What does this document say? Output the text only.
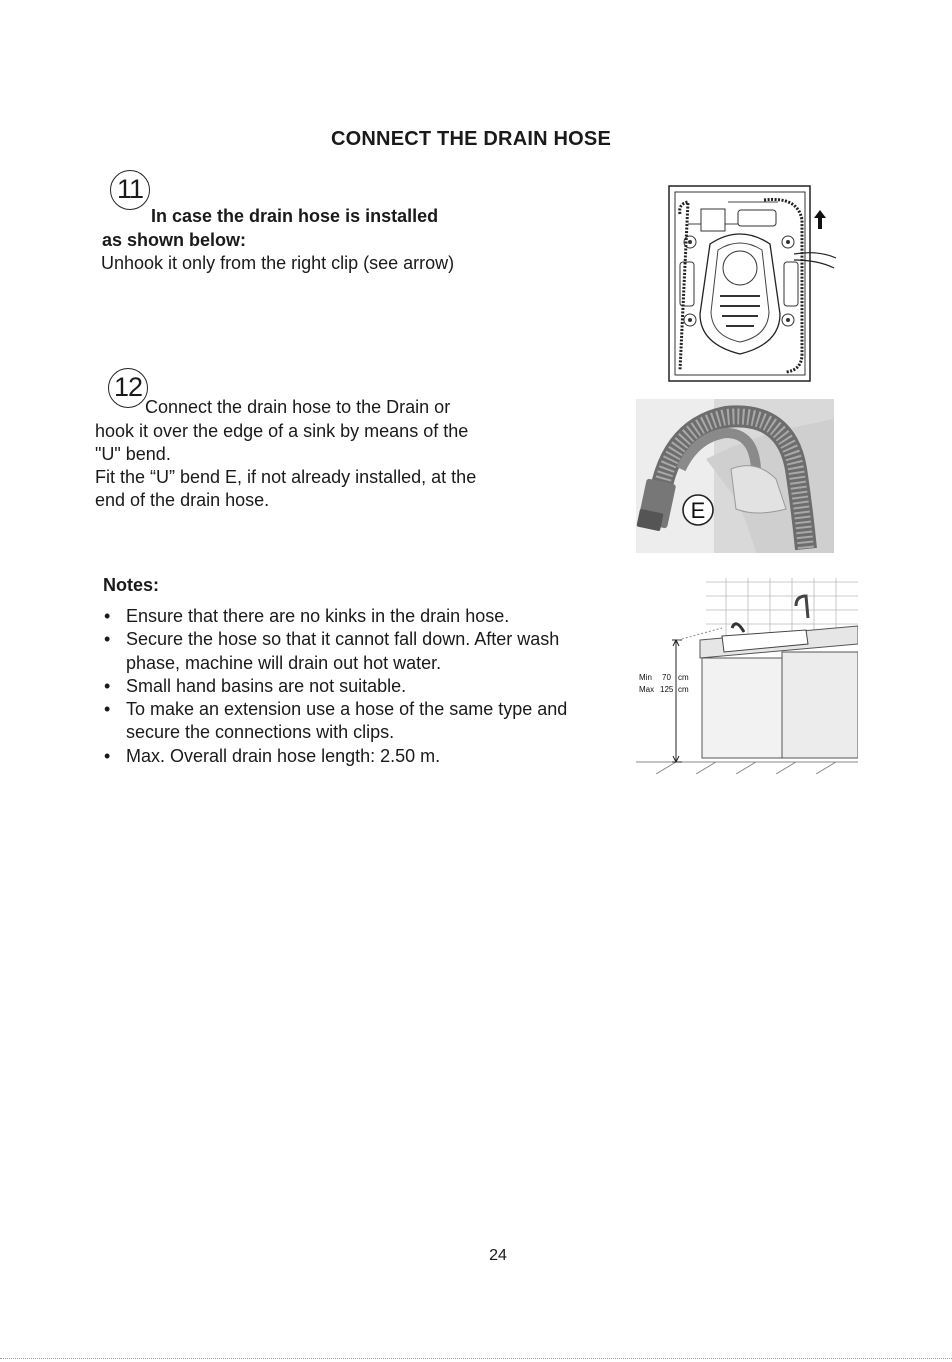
CONNECT THE DRAIN HOSE
11
In case the drain hose is installed
as shown below:
Unhook it only from the right clip (see arrow)
12
Connect the drain hose to the Drain or
hook it over the edge of a sink by means of the
"U" bend.
Fit the “U” bend E, if not already installed, at the
end of the drain hose.	E
Notes:
• Ensure that there are no kinks in the drain hose.
• Secure the hose so that it cannot fall down. After wash
phase, machine will drain out hot water.
• Small hand basins are not suitable.
• To make an extension use a hose of the same type and
secure the connections with clips.
• Max. Overall drain hose length: 2.50 m.
Min 70 cm
Max 125 cm
24
